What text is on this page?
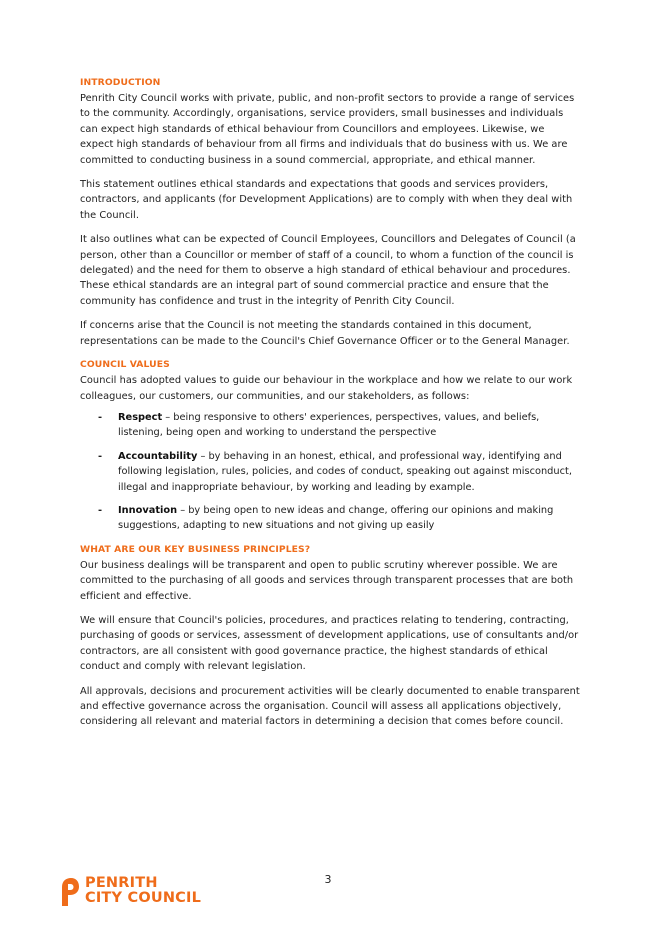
INTRODUCTION

Penrith City Council works with private, public, and non-profit sectors to provide a range of services to the community. Accordingly, organisations, service providers, small businesses and individuals can expect high standards of ethical behaviour from Councillors and employees. Likewise, we expect high standards of behaviour from all firms and individuals that do business with us. We are committed to conducting business in a sound commercial, appropriate, and ethical manner.

This statement outlines ethical standards and expectations that goods and services providers, contractors, and applicants (for Development Applications) are to comply with when they deal with the Council.

It also outlines what can be expected of Council Employees, Councillors and Delegates of Council (a person, other than a Councillor or member of staff of a council, to whom a function of the council is delegated) and the need for them to observe a high standard of ethical behaviour and procedures. These ethical standards are an integral part of sound commercial practice and ensure that the community has confidence and trust in the integrity of Penrith City Council.

If concerns arise that the Council is not meeting the standards contained in this document, representations can be made to the Council's Chief Governance Officer or to the General Manager.

COUNCIL VALUES

Council has adopted values to guide our behaviour in the workplace and how we relate to our work colleagues, our customers, our communities, and our stakeholders, as follows:

- Respect – being responsive to others' experiences, perspectives, values, and beliefs, listening, being open and working to understand the perspective
- Accountability – by behaving in an honest, ethical, and professional way, identifying and following legislation, rules, policies, and codes of conduct, speaking out against misconduct, illegal and inappropriate behaviour, by working and leading by example.
- Innovation – by being open to new ideas and change, offering our opinions and making suggestions, adapting to new situations and not giving up easily
WHAT ARE OUR KEY BUSINESS PRINCIPLES?

Our business dealings will be transparent and open to public scrutiny wherever possible. We are committed to the purchasing of all goods and services through transparent processes that are both efficient and effective.

We will ensure that Council's policies, procedures, and practices relating to tendering, contracting, purchasing of goods or services, assessment of development applications, use of consultants and/or contractors, are all consistent with good governance practice, the highest standards of ethical conduct and comply with relevant legislation.

All approvals, decisions and procurement activities will be clearly documented to enable transparent and effective governance across the organisation. Council will assess all applications objectively, considering all relevant and material factors in determining a decision that comes before council.

PENRITH
CITY COUNCIL
3
